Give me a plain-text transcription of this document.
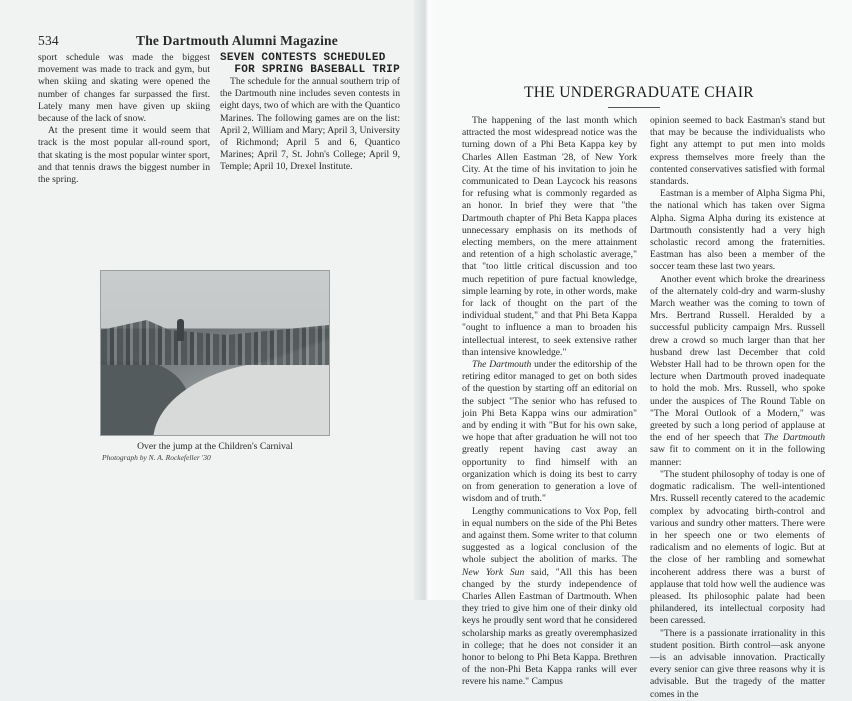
534	The Dartmouth Alumni Magazine

sport schedule was made the biggest movement was made to track and gym, but when skiing and skating were opened the number of changes far surpassed the first. Lately many men have given up skiing because of the lack of snow.

At the present time it would seem that track is the most popular all-round sport, that skating is the most popular winter sport, and that tennis draws the biggest number in the spring.

SEVEN CONTESTS SCHEDULED
FOR SPRING BASEBALL TRIP

The schedule for the annual southern trip of the Dartmouth nine includes seven contests in eight days, two of which are with the Quantico Marines. The following games are on the list: April 2, William and Mary; April 3, University of Richmond; April 5 and 6, Quantico Marines; April 7, St. John's College; April 9, Temple; April 10, Drexel Institute.

Over the jump at the Children's Carnival
Photograph by N. A. Rockefeller '30
THE UNDERGRADUATE CHAIR

The happening of the last month which attracted the most widespread notice was the turning down of a Phi Beta Kappa key by Charles Allen Eastman '28, of New York City. At the time of his invitation to join he communicated to Dean Laycock his reasons for refusing what is commonly regarded as an honor. In brief they were that "the Dartmouth chapter of Phi Beta Kappa places unnecessary emphasis on its methods of electing members, on the mere attainment and retention of a high scholastic average," that "too little critical discussion and too much repetition of pure factual knowledge, simple learning by rote, in other words, make for lack of thought on the part of the individual student," and that Phi Beta Kappa "ought to influence a man to broaden his intellectual interest, to seek extensive rather than intensive knowledge."

The Dartmouth under the editorship of the retiring editor managed to get on both sides of the question by starting off an editorial on the subject "The senior who has refused to join Phi Beta Kappa wins our admiration" and by ending it with "But for his own sake, we hope that after graduation he will not too greatly repent having cast away an opportunity to find himself with an organization which is doing its best to carry on from generation to generation a love of wisdom and of truth."

Lengthy communications to Vox Pop, fell in equal numbers on the side of the Phi Betes and against them. Some writer to that column suggested as a logical conclusion of the whole subject the abolition of marks. The New York Sun said, "All this has been changed by the sturdy independence of Charles Allen Eastman of Dartmouth. When they tried to give him one of their dinky old keys he proudly sent word that he considered scholarship marks as greatly overemphasized in college; that he does not consider it an honor to belong to Phi Beta Kappa. Brethren of the non-Phi Beta Kappa ranks will ever revere his name." Campus

opinion seemed to back Eastman's stand but that may be because the individualists who fight any attempt to put men into molds express themselves more freely than the contented conservatives satisfied with formal standards.

Eastman is a member of Alpha Sigma Phi, the national which has taken over Sigma Alpha. Sigma Alpha during its existence at Dartmouth consistently had a very high scholastic record among the fraternities. Eastman has also been a member of the soccer team these last two years.

Another event which broke the dreariness of the alternately cold-dry and warm-slushy March weather was the coming to town of Mrs. Bertrand Russell. Heralded by a successful publicity campaign Mrs. Russell drew a crowd so much larger than that her husband drew last December that cold Webster Hall had to be thrown open for the lecture when Dartmouth proved inadequate to hold the mob. Mrs. Russell, who spoke under the auspices of The Round Table on "The Moral Outlook of a Modern," was greeted by such a long period of applause at the end of her speech that The Dartmouth saw fit to comment on it in the following manner:

"The student philosophy of today is one of dogmatic radicalism. The well-intentioned Mrs. Russell recently catered to the academic complex by advocating birth-control and various and sundry other matters. There were in her speech one or two elements of radicalism and no elements of logic. But at the close of her rambling and somewhat incoherent address there was a burst of applause that told how well the audience was pleased. Its philosophic palate had been philandered, its intellectual corposity had been caressed.

"There is a passionate irrationality in this student position. Birth control—ask anyone—is an advisable innovation. Practically every senior can give three reasons why it is advisable. But the tragedy of the matter comes in the
